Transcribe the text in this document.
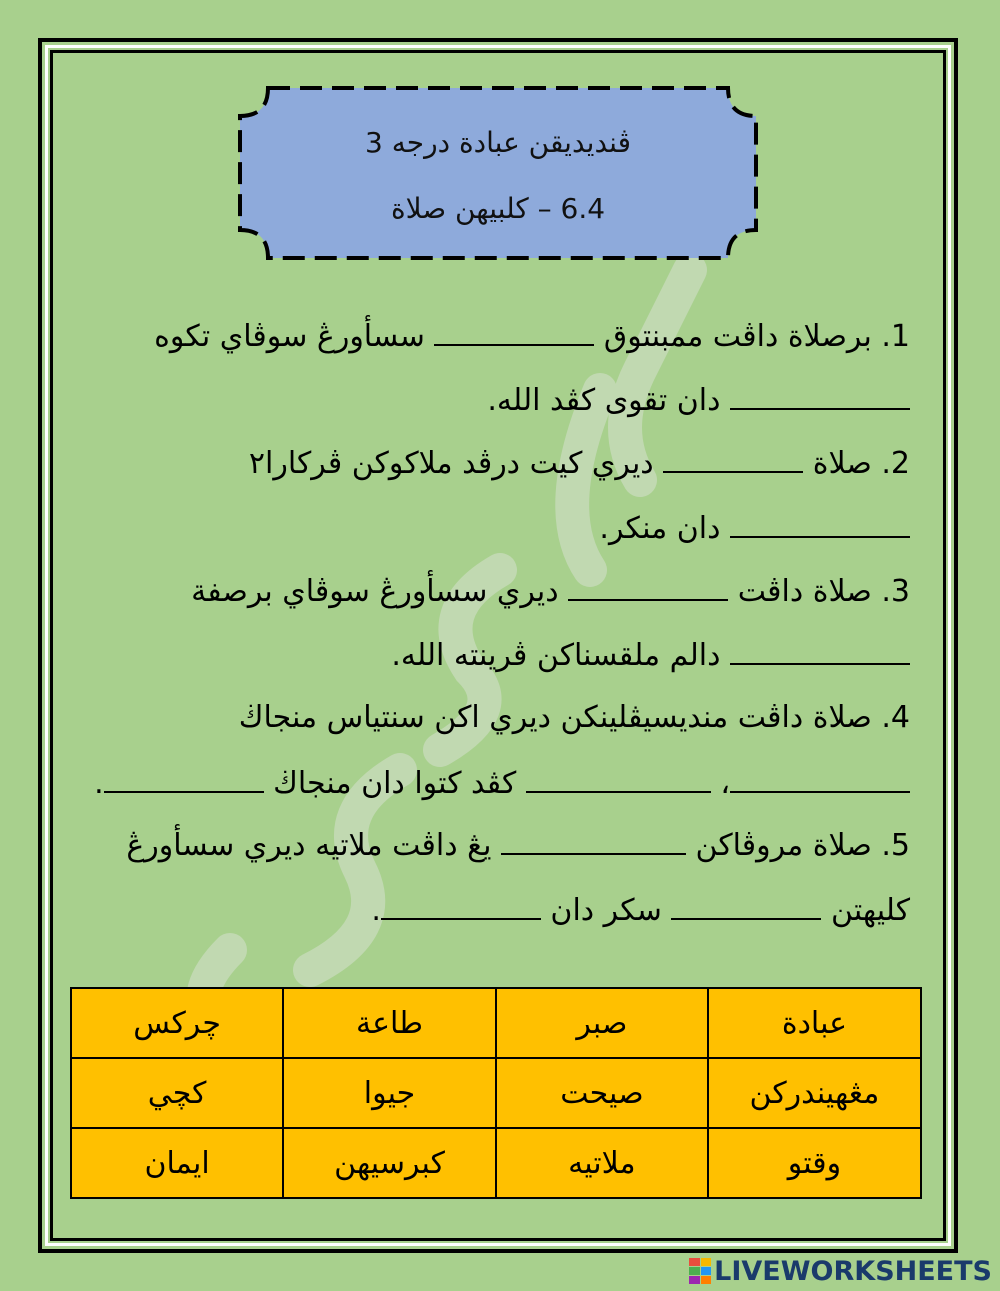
ڤنديديقن عبادة درجه 3
6.4 – كلبيهن صلاة
1. برصلاة داڤت ممبنتوق  سسأورڠ سوڤاي تكوه
دان تقوى كڤد الله.
2. صلاة  ديري كيت درڤد ملاكوكن ڤركارا٢
دان منكر.
3. صلاة داڤت  ديري سسأورڠ سوڤاي برصفة
دالم ملقسناكن ڤرينته الله.
4. صلاة داڤت منديسيڤلينكن ديري اكن سنتياس منجاڬ
،  كڤد كتوا دان منجاڬ .
5. صلاة مروڤاكن  يڠ داڤت ملاتيه ديري سسأورڠ
كليهتن  سكر دان .
عبادة	صبر	طاعة	چرکس
مڠهيندركن	صيحت	جيوا	كچي
وقتو	ملاتيه	كبرسيهن	ايمان
LIVEWORKSHEETS
